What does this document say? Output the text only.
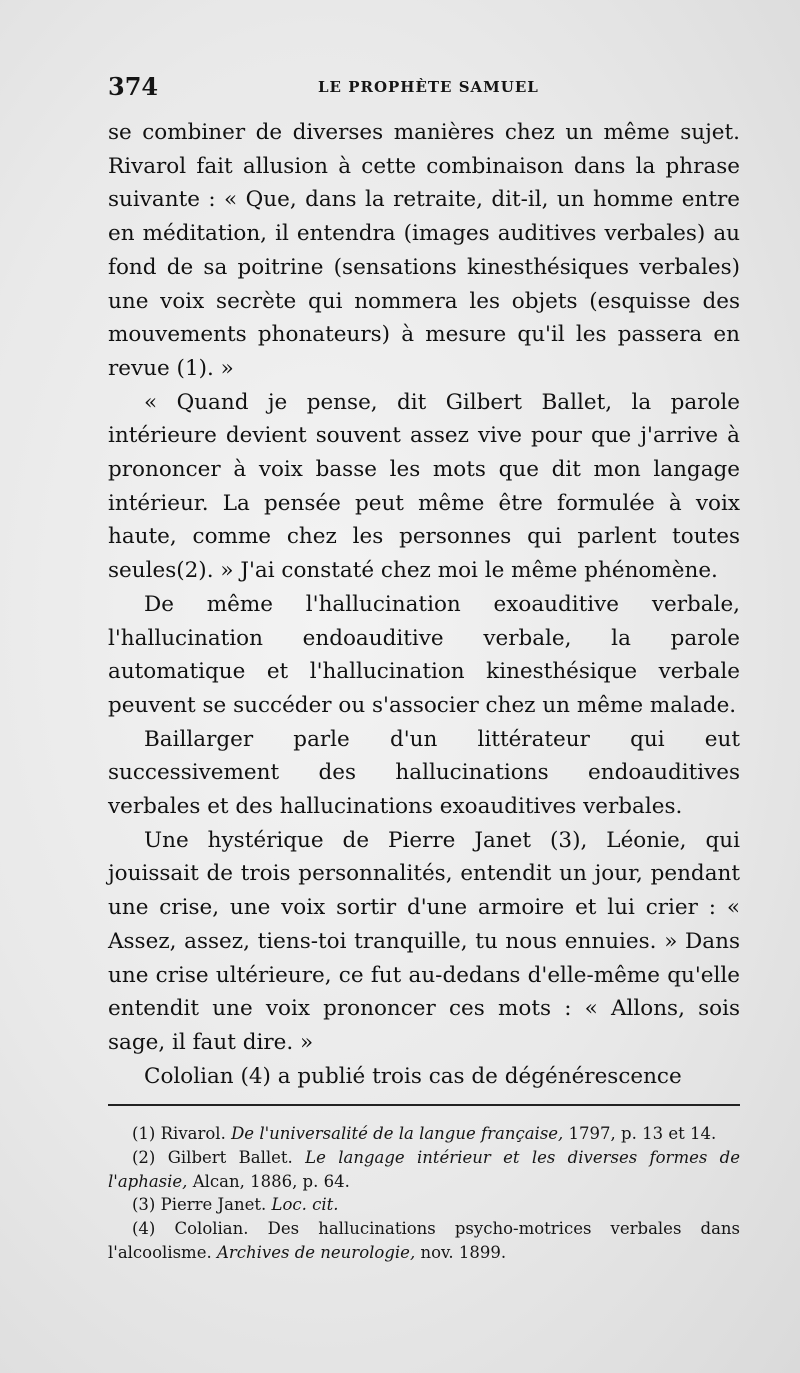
374	LE PROPHÈTE SAMUEL

se combiner de diverses manières chez un même sujet. Rivarol fait allusion à cette combinaison dans la phrase suivante : « Que, dans la retraite, dit-il, un homme entre en méditation, il entendra (images auditives verbales) au fond de sa poitrine (sensations kinesthésiques verbales) une voix secrète qui nommera les objets (esquisse des mouvements phonateurs) à mesure qu'il les passera en revue (1). »

« Quand je pense, dit Gilbert Ballet, la parole intérieure devient souvent assez vive pour que j'arrive à prononcer à voix basse les mots que dit mon langage intérieur. La pensée peut même être formulée à voix haute, comme chez les personnes qui parlent toutes seules(2). » J'ai constaté chez moi le même phénomène.

De même l'hallucination exoauditive verbale, l'hallucination endoauditive verbale, la parole automatique et l'hallucination kinesthésique verbale peuvent se succéder ou s'associer chez un même malade.

Baillarger parle d'un littérateur qui eut successivement des hallucinations endoauditives verbales et des hallucinations exoauditives verbales.

Une hystérique de Pierre Janet (3), Léonie, qui jouissait de trois personnalités, entendit un jour, pendant une crise, une voix sortir d'une armoire et lui crier : « Assez, assez, tiens-toi tranquille, tu nous ennuies. » Dans une crise ultérieure, ce fut au-dedans d'elle-même qu'elle entendit une voix prononcer ces mots : « Allons, sois sage, il faut dire. »

Cololian (4) a publié trois cas de dégénérescence

(1) Rivarol. De l'universalité de la langue française, 1797, p. 13 et 14.

(2) Gilbert Ballet. Le langage intérieur et les diverses formes de l'aphasie, Alcan, 1886, p. 64.

(3) Pierre Janet. Loc. cit.

(4) Cololian. Des hallucinations psycho-motrices verbales dans l'alcoolisme. Archives de neurologie, nov. 1899.
